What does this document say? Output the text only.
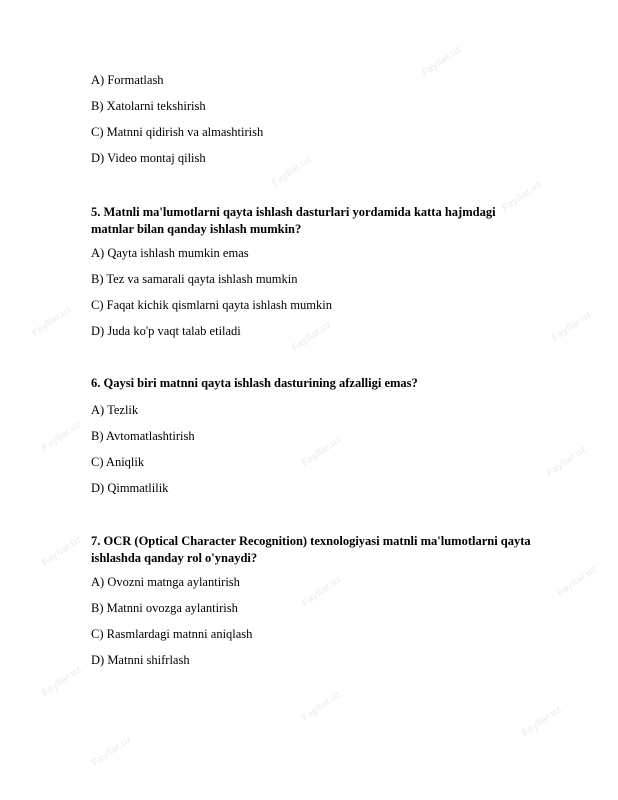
Fayllar.uz
Fayllar.uz
Fayllar.uz
Fayllar.uz	Fayllar.uz	Fayllar.uz
Fayllar.uz	Fayllar.uz	Fayllar.uz
Fayllar.uz
Fayllar.uz	Fayllar.uz
Fayllar.uz
Fayllar.uz	Fayllar.uz
Fayllar.uz
A) Formatlash
B) Xatolarni tekshirish
C) Matnni qidirish va almashtirish
D) Video montaj qilish
5. Matnli ma'lumotlarni qayta ishlash dasturlari yordamida katta hajmdagi
matnlar bilan qanday ishlash mumkin?
A) Qayta ishlash mumkin emas
B) Tez va samarali qayta ishlash mumkin
C) Faqat kichik qismlarni qayta ishlash mumkin
D) Juda ko'p vaqt talab etiladi
6. Qaysi biri matnni qayta ishlash dasturining afzalligi emas?
A) Tezlik
B) Avtomatlashtirish
C) Aniqlik
D) Qimmatlilik
7. OCR (Optical Character Recognition) texnologiyasi matnli ma'lumotlarni qayta
ishlashda qanday rol o'ynaydi?
A) Ovozni matnga aylantirish
B) Matnni ovozga aylantirish
C) Rasmlardagi matnni aniqlash
D) Matnni shifrlash
